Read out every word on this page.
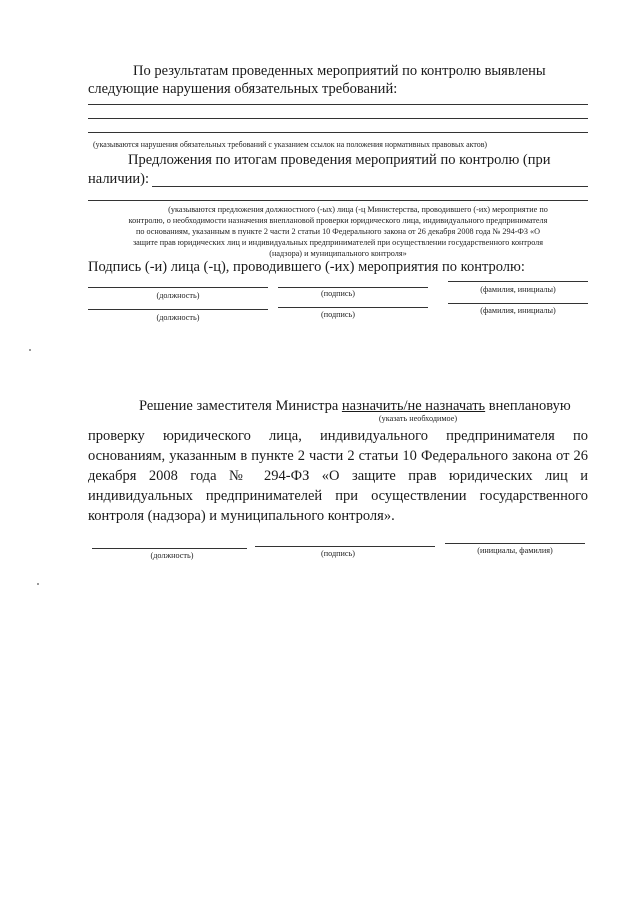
По результатам проведенных мероприятий по контролю выявлены
следующие нарушения обязательных требований:
(указываются нарушения обязательных требований с указанием ссылок на положения нормативных правовых актов)
Предложения по итогам проведения мероприятий по контролю (при
наличии):
(указываются предложения должностного (-ых) лица (-ц Министерства, проводившего (-их) мероприятие по
контролю, о необходимости назначения внеплановой проверки юридического лица, индивидуального предпринимателя
по основаниям, указанным в пункте 2 части 2 статьи 10 Федерального закона от 26 декабря 2008 года № 294-ФЗ «О
защите прав юридических лиц и индивидуальных предпринимателей при осуществлении государственного контроля
(надзора) и муниципального контроля»
Подпись (-и) лица (-ц), проводившего (-их) мероприятия по контролю:
(должность)	(подпись)	(фамилия, инициалы)
(должность)	(подпись)	(фамилия, инициалы)
Решение заместителя Министра назначить/не назначать внеплановую
(указать необходимое)
проверку юридического лица, индивидуального предпринимателя по основаниям, указанным в пункте 2 части 2 статьи 10 Федерального закона от 26 декабря 2008 года № 294-ФЗ «О защите прав юридических лиц и индивидуальных предпринимателей при осуществлении государственного контроля (надзора) и муниципального контроля».
(должность)	(подпись)	(инициалы, фамилия)
